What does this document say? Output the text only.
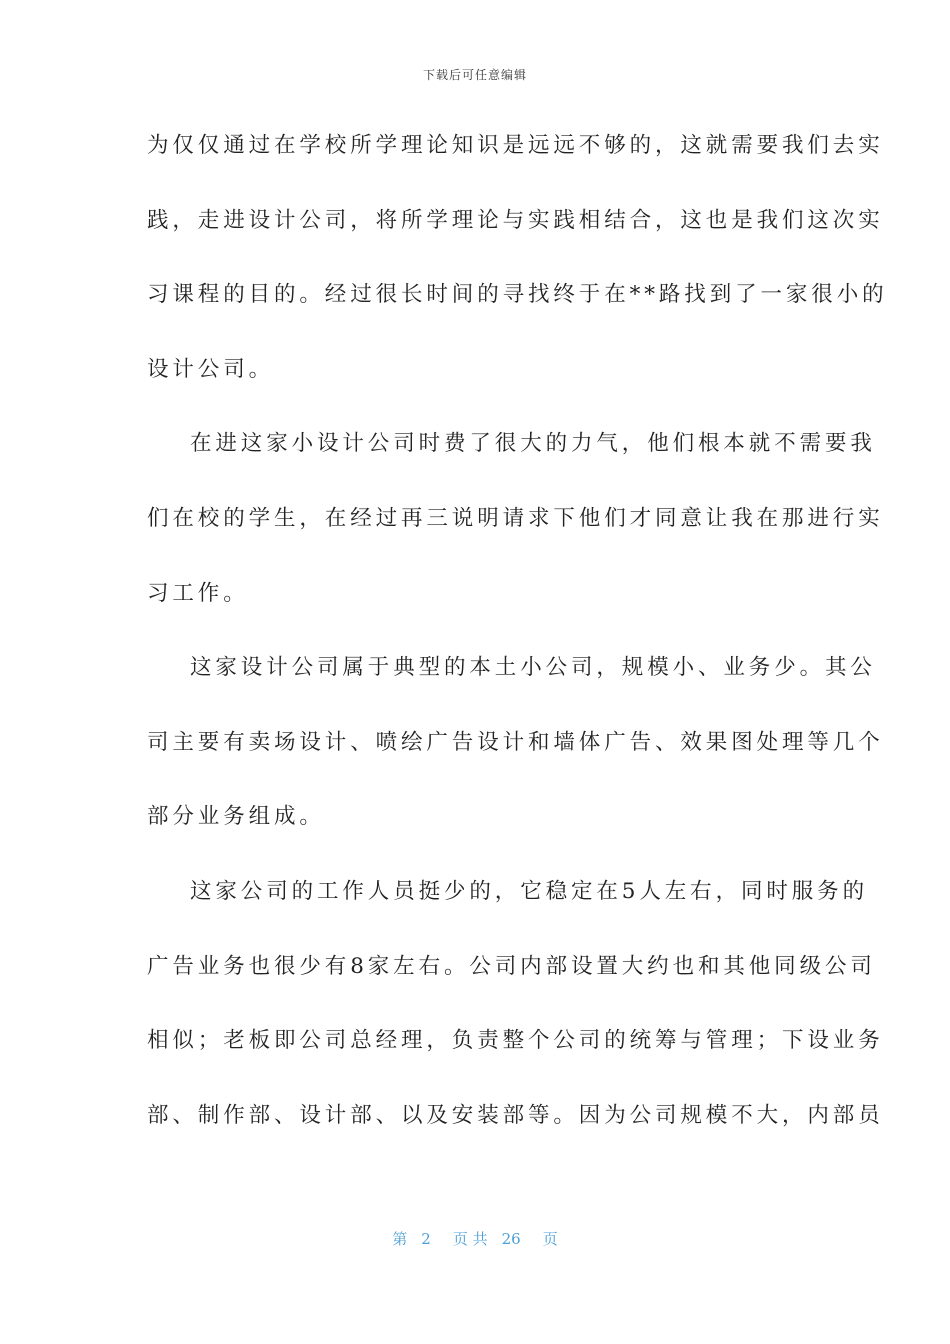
下载后可任意编辑
为仅仅通过在学校所学理论知识是远远不够的，这就需要我们去实
践，走进设计公司，将所学理论与实践相结合，这也是我们这次实
习课程的目的。经过很长时间的寻找终于在**路找到了一家很小的
设计公司。
在进这家小设计公司时费了很大的力气，他们根本就不需要我
们在校的学生，在经过再三说明请求下他们才同意让我在那进行实
习工作。
这家设计公司属于典型的本土小公司，规模小、业务少。其公
司主要有卖场设计、喷绘广告设计和墙体广告、效果图处理等几个
部分业务组成。
这家公司的工作人员挺少的，它稳定在5人左右，同时服务的
广告业务也很少有8家左右。公司内部设置大约也和其他同级公司
相似；老板即公司总经理，负责整个公司的统筹与管理；下设业务
部、制作部、设计部、以及安装部等。因为公司规模不大，内部员
第 2 页 共 26 页
